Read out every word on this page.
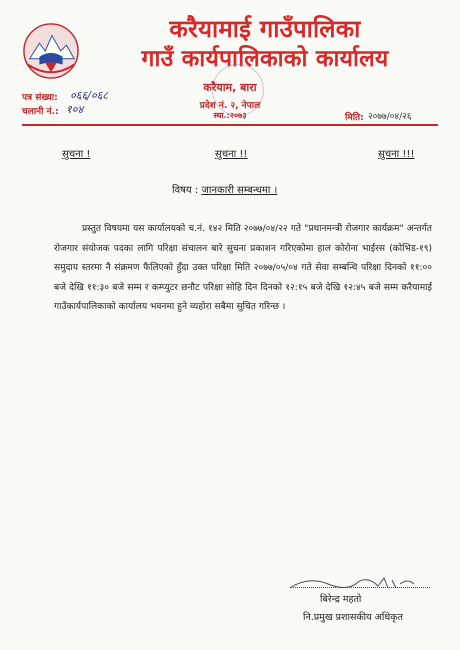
करैयामाई गाउँपालिका
गाउँ कार्यपालिकाको कार्यालय
करैयाम, बारा
प्रदेश नं. २, नेपाल
स्था.:२०७३
पत्र संख्या: ०६६/०६८
चलानी नं.: १०४
मिति: २०७७/०४/२६
सुचना !	सुचना !!	सुचना !!!
विषय : जानकारी सम्बन्धमा ।

प्रस्तुत विषयमा यस कार्यालयको च.नं. १४२ मिति २०७७/०४/२२ गते "प्रधानमन्त्री रोजगार कार्यक्रम" अन्तर्गत रोजगार संयोजक पदका लागि परिक्षा संचालन बारे सुचना प्रकाशन गरिएकोमा हाल कोरोना भाईरस (कोभिड-१९) समुदाय स्तरमा नै संक्रमण फैलिएको हुँदा उक्त परिक्षा मिति २०७७/०५/०४ गते सेवा सम्बन्धि परिक्षा दिनको ११:०० बजे देखि ११:३० बजे सम्म र कम्प्युटर छनौट परिक्षा सोहि दिन दिनको १२:१५ बजे देखि १२:४५ बजे सम्म करैयामाई गाउँकार्यपालिकाको कार्यालय भवनमा हुने व्यहोरा सबैमा सुचित गरिन्छ ।

बिरेन्द्र महतो
नि.प्रमुख प्रशासकीय अधिकृत
